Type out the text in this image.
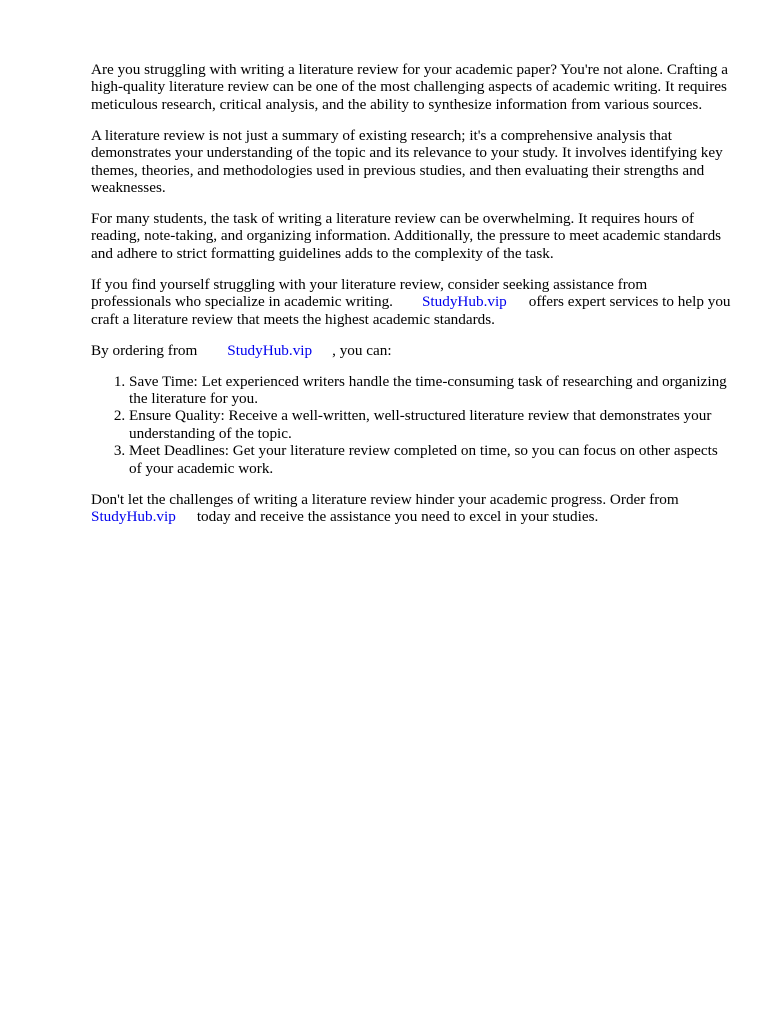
Are you struggling with writing a literature review for your academic paper? You're not alone. Crafting a high-quality literature review can be one of the most challenging aspects of academic writing. It requires meticulous research, critical analysis, and the ability to synthesize information from various sources.

A literature review is not just a summary of existing research; it's a comprehensive analysis that demonstrates your understanding of the topic and its relevance to your study. It involves identifying key themes, theories, and methodologies used in previous studies, and then evaluating their strengths and weaknesses.

For many students, the task of writing a literature review can be overwhelming. It requires hours of reading, note-taking, and organizing information. Additionally, the pressure to meet academic standards and adhere to strict formatting guidelines adds to the complexity of the task.

If you find yourself struggling with your literature review, consider seeking assistance from professionals who specialize in academic writing. StudyHub.vip offers expert services to help you craft a literature review that meets the highest academic standards.

By ordering from StudyHub.vip , you can:

1. Save Time: Let experienced writers handle the time-consuming task of researching and organizing the literature for you.
2. Ensure Quality: Receive a well-written, well-structured literature review that demonstrates your understanding of the topic.
3. Meet Deadlines: Get your literature review completed on time, so you can focus on other aspects of your academic work.

Don't let the challenges of writing a literature review hinder your academic progress. Order from StudyHub.vip today and receive the assistance you need to excel in your studies.
